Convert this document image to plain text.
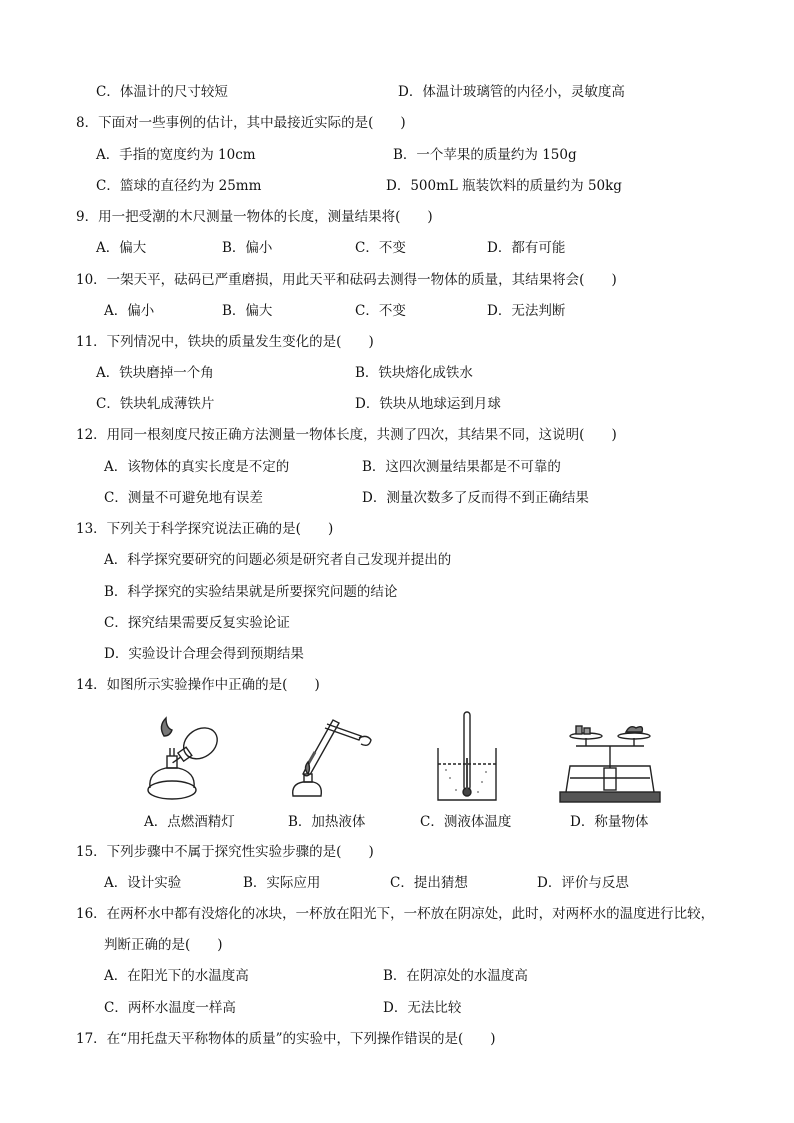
C．体温计的尺寸较短	D．体温计玻璃管的内径小，灵敏度高
8．下面对一些事例的估计，其中最接近实际的是(　　)
A．手指的宽度约为 10cm	B．一个苹果的质量约为 150g
C．篮球的直径约为 25mm	D．500mL 瓶装饮料的质量约为 50kg
9．用一把受潮的木尺测量一物体的长度，测量结果将(　　)
A．偏大	B．偏小	C．不变	D．都有可能
10．一架天平，砝码已严重磨损，用此天平和砝码去测得一物体的质量，其结果将会(　　)
A．偏小	B．偏大	C．不变	D．无法判断
11．下列情况中，铁块的质量发生变化的是(　　)
A．铁块磨掉一个角	B．铁块熔化成铁水
C．铁块轧成薄铁片	D．铁块从地球运到月球
12．用同一根刻度尺按正确方法测量一物体长度，共测了四次，其结果不同，这说明(　　)
A．该物体的真实长度是不定的	B．这四次测量结果都是不可靠的
C．测量不可避免地有误差	D．测量次数多了反而得不到正确结果
13．下列关于科学探究说法正确的是(　　)
A．科学探究要研究的问题必须是研究者自己发现并提出的
B．科学探究的实验结果就是所要探究问题的结论
C．探究结果需要反复实验论证
D．实验设计合理会得到预期结果
14．如图所示实验操作中正确的是(　　)
A．点燃酒精灯	B．加热液体	C．测液体温度	D．称量物体
15．下列步骤中不属于探究性实验步骤的是(　　)
A．设计实验	B．实际应用	C．提出猜想	D．评价与反思
16．在两杯水中都有没熔化的冰块，一杯放在阳光下，一杯放在阴凉处，此时，对两杯水的温度进行比较，
判断正确的是(　　)
A．在阳光下的水温度高	B．在阴凉处的水温度高
C．两杯水温度一样高	D．无法比较
17．在“用托盘天平称物体的质量”的实验中，下列操作错误的是(　　)
